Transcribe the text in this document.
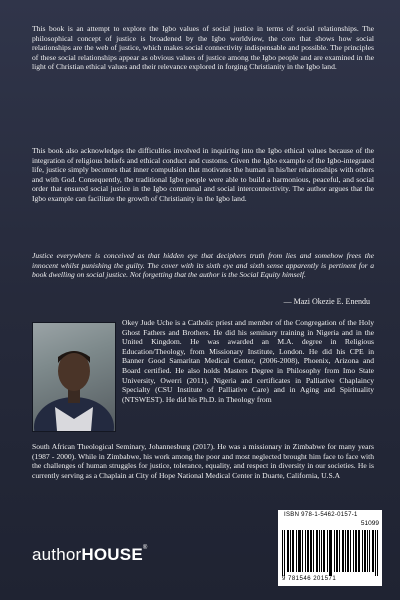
This book is an attempt to explore the Igbo values of social justice in terms of social relationships. The philosophical concept of justice is broadened by the Igbo worldview, the core that shows how social relationships are the web of justice, which makes social connectivity indispensable and possible. The principles of these social relationships appear as obvious values of justice among the Igbo people and are examined in the light of Christian ethical values and their relevance explored in forging Christianity in the Igbo land.

This book also acknowledges the difficulties involved in inquiring into the Igbo ethical values because of the integration of religious beliefs and ethical conduct and customs. Given the Igbo example of the Igbo-integrated life, justice simply becomes that inner compulsion that motivates the human in his/her relationships with others and with God. Consequently, the traditional Igbo people were able to build a harmonious, peaceful, and social order that ensured social justice in the Igbo communal and social interconnectivity. The author argues that the Igbo example can facilitate the growth of Christianity in the Igbo land.

Justice everywhere is conceived as that hidden eye that deciphers truth from lies and somehow frees the innocent whilst punishing the guilty. The cover with its sixth eye and sixth sense apparently is pertinent for a book dwelling on social justice. Not forgetting that the author is the Social Equity himself.

— Mazi Okezie E. Enendu

Okey Jude Uche is a Catholic priest and member of the Congregation of the Holy Ghost Fathers and Brothers. He did his seminary training in Nigeria and in the United Kingdom. He was awarded an M.A. degree in Religious Education/Theology, from Missionary Institute, London. He did his CPE in Banner Good Samaritan Medical Center, (2006-2008), Phoenix, Arizona and Board certified. He also holds Masters Degree in Philosophy from Imo State University, Owerri (2011), Nigeria and certificates in Palliative Chaplaincy Specialty (CSU Institute of Palliative Care) and in Aging and Spirituality (NTSWEST). He did his Ph.D. in Theology from

South African Theological Seminary, Johannesburg (2017). He was a missionary in Zimbabwe for many years (1987 - 2000). While in Zimbabwe, his work among the poor and most neglected brought him face to face with the challenges of human struggles for justice, tolerance, equality, and respect in diversity in our societies. He is currently serving as a Chaplain at City of Hope National Medical Center in Duarte, California, U.S.A

authorHOUSE®
ISBN 978-1-5462-0157-1
51099
9 781546 201571
